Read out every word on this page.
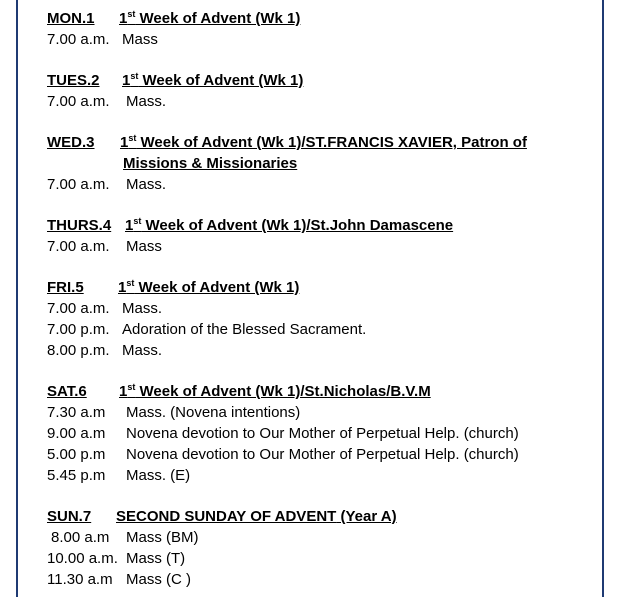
MON.1 1st Week of Advent (Wk 1)
7.00 a.m. Mass
TUES.2 1st Week of Advent (Wk 1)
7.00 a.m. Mass.
WED.3 1st Week of Advent (Wk 1)/ST.FRANCIS XAVIER, Patron of
Missions & Missionaries
7.00 a.m. Mass.
THURS.4 1st Week of Advent (Wk 1)/St.John Damascene
7.00 a.m. Mass
FRI.5 1st Week of Advent (Wk 1)
7.00 a.m. Mass.
7.00 p.m. Adoration of the Blessed Sacrament.
8.00 p.m. Mass.
SAT.6 1st Week of Advent (Wk 1)/St.Nicholas/B.V.M
7.30 a.m Mass. (Novena intentions)
9.00 a.m Novena devotion to Our Mother of Perpetual Help. (church)
5.00 p.m Novena devotion to Our Mother of Perpetual Help. (church)
5.45 p.m Mass. (E)
SUN.7 SECOND SUNDAY OF ADVENT (Year A)
8.00 a.m Mass (BM)
10.00 a.m. Mass (T)
11.30 a.m Mass (C )
